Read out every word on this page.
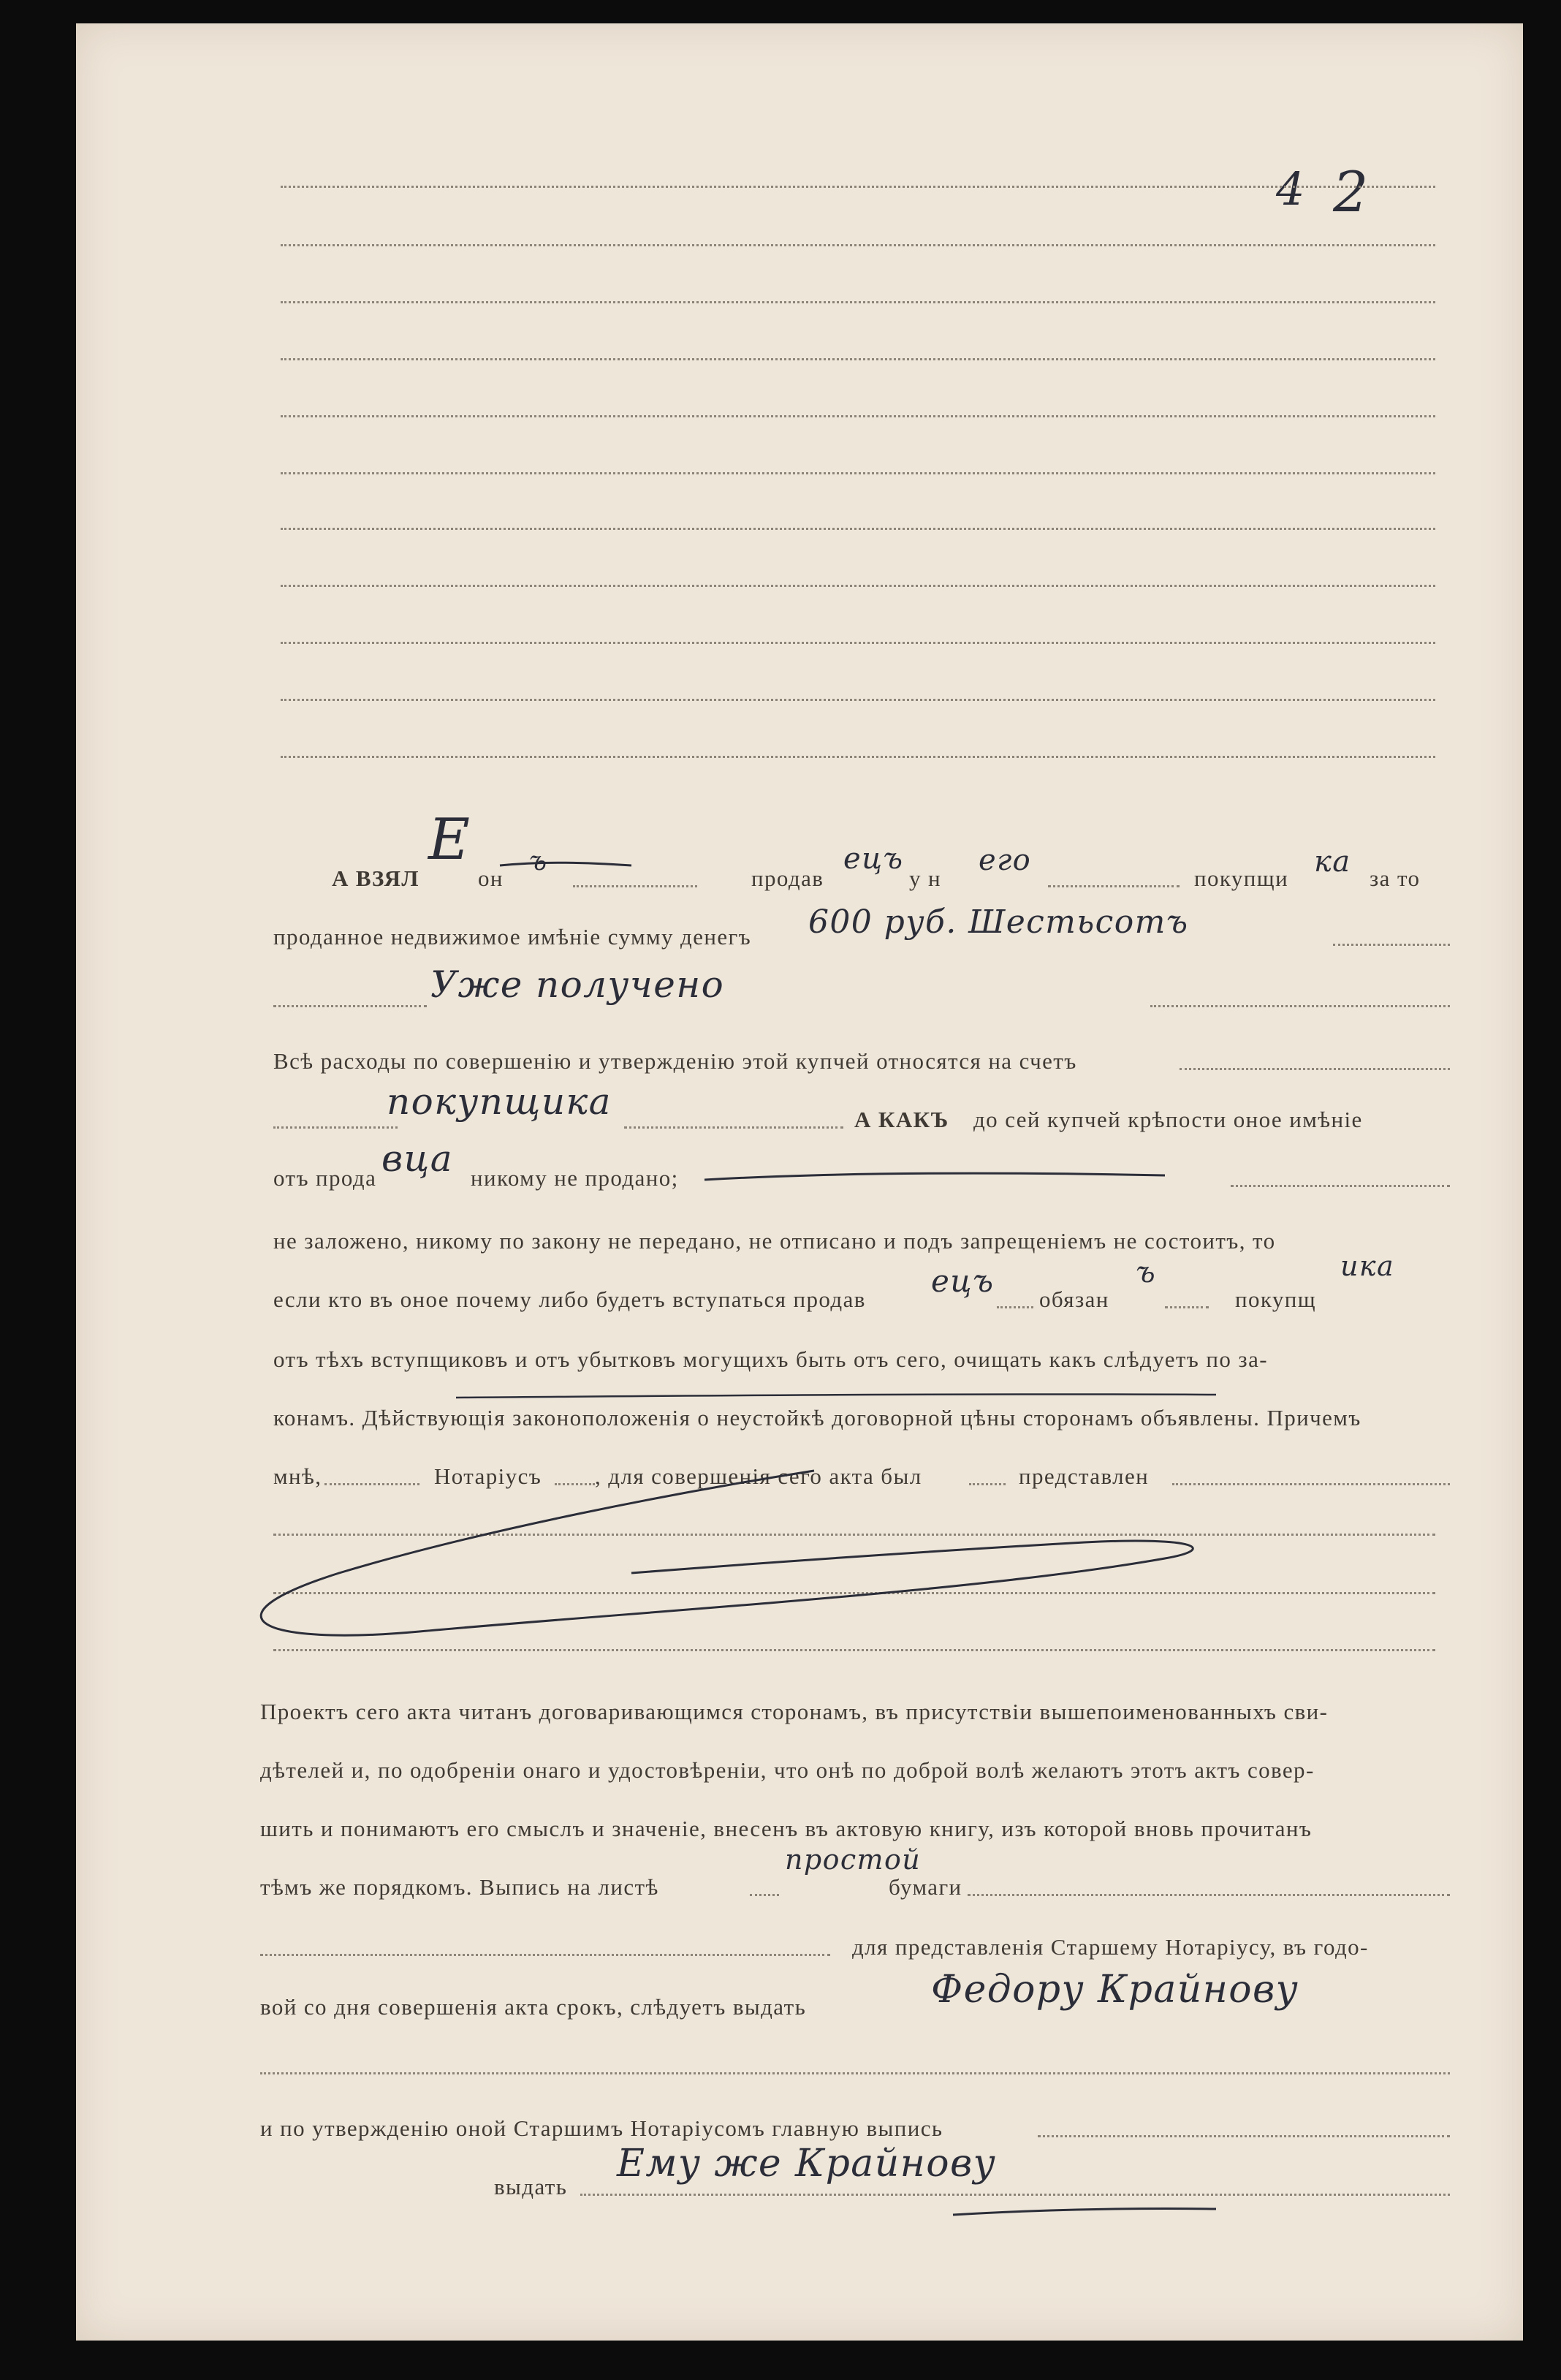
4 2
А ВЗЯЛ
Е
он
ъ
продав
ецъ
у н
его
покупщи ка за то
проданное недвижимое имѣніе сумму денегъ 600 руб. Шестьсотъ
Уже получено
Всѣ расходы по совершенію и утвержденію этой купчей относятся на счетъ
покупщика	А КАКЪ до сей купчей крѣпости оное имѣніе
отъ прода вца никому не продано;
не заложено, никому по закону не передано, не отписано и подъ запрещеніемъ не состоитъ, то
если кто въ оное почему либо будетъ вступаться продав
ецъ
обязан
ъ
покупщ
ика
отъ тѣхъ вступщиковъ и отъ убытковъ могущихъ быть отъ сего, очищать какъ слѣдуетъ по за-
конамъ. Дѣйствующія законоположенія о неустойкѣ договорной цѣны сторонамъ объявлены. Причемъ
мнѣ,	Нотаріусъ , для совершенія сего акта был	представлен
Проектъ сего акта читанъ договаривающимся сторонамъ, въ присутствіи вышепоименованныхъ сви-
дѣтелей и, по одобреніи онаго и удостовѣреніи, что онѣ по доброй волѣ желаютъ этотъ актъ совер-
шить и понимаютъ его смыслъ и значеніе, внесенъ въ актовую книгу, изъ которой вновь прочитанъ
тѣмъ же порядкомъ. Выпись на листѣ
простой
бумаги
для представленія Старшему Нотаріусу, въ годо-
вой со дня совершенія акта срокъ, слѣдуетъ выдать	Федору Крайнову
и по утвержденію оной Старшимъ Нотаріусомъ главную выпись
выдать
Ему же Крайнову
